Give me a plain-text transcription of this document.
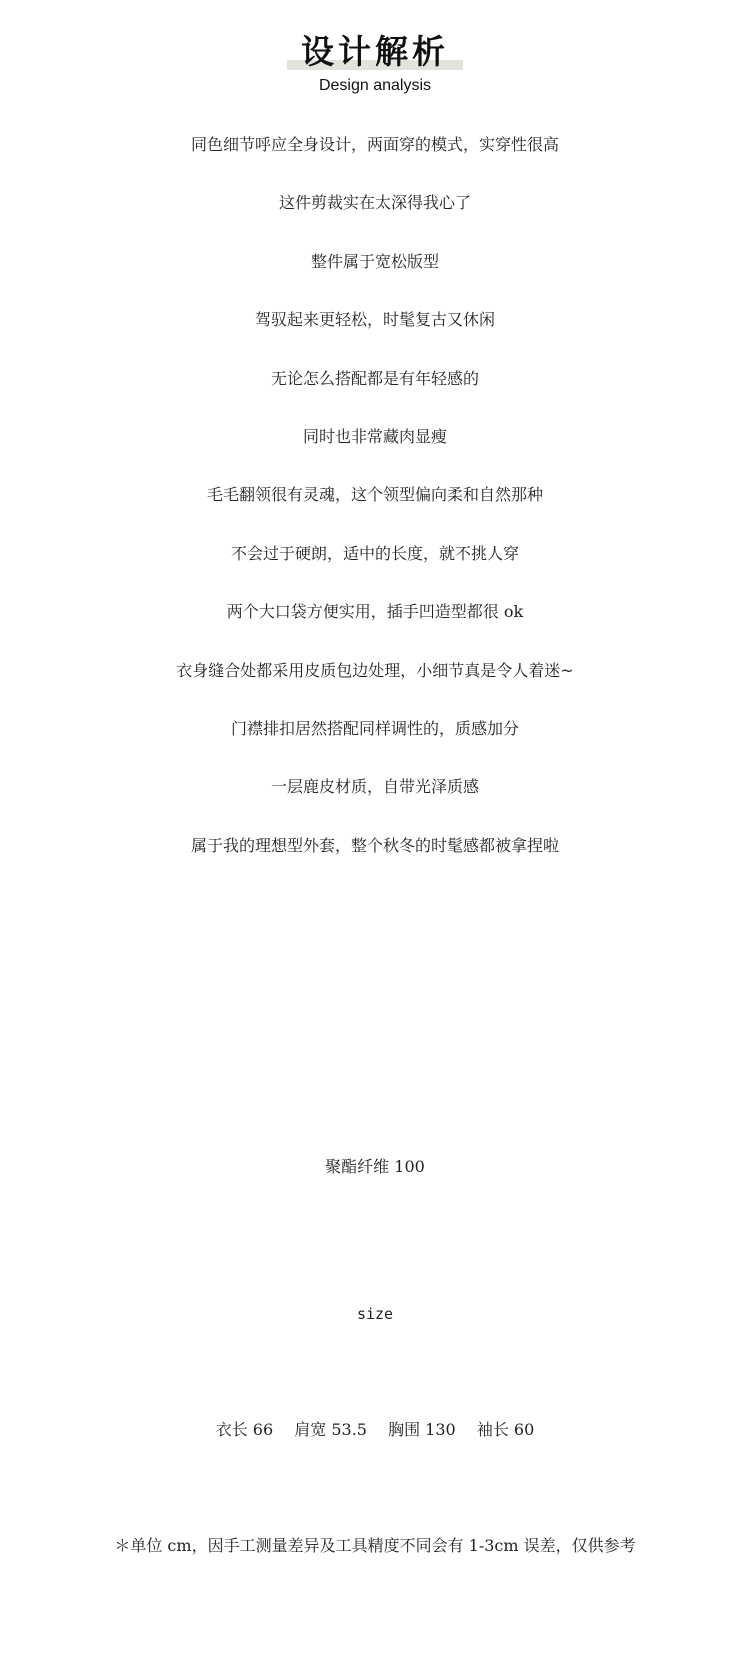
设计解析
Design analysis
同色细节呼应全身设计，两面穿的模式，实穿性很高
这件剪裁实在太深得我心了
整件属于宽松版型
驾驭起来更轻松，时髦复古又休闲
无论怎么搭配都是有年轻感的
同时也非常藏肉显瘦
毛毛翻领很有灵魂，这个领型偏向柔和自然那种
不会过于硬朗，适中的长度，就不挑人穿
两个大口袋方便实用，插手凹造型都很 ok
衣身缝合处都采用皮质包边处理，小细节真是令人着迷~
门襟排扣居然搭配同样调性的，质感加分
一层鹿皮材质，自带光泽质感
属于我的理想型外套，整个秋冬的时髦感都被拿捏啦
聚酯纤维 100
size
衣长 66 肩宽 53.5 胸围 130 袖长 60
＊单位 cm，因手工测量差异及工具精度不同会有 1-3cm 误差，仅供参考
